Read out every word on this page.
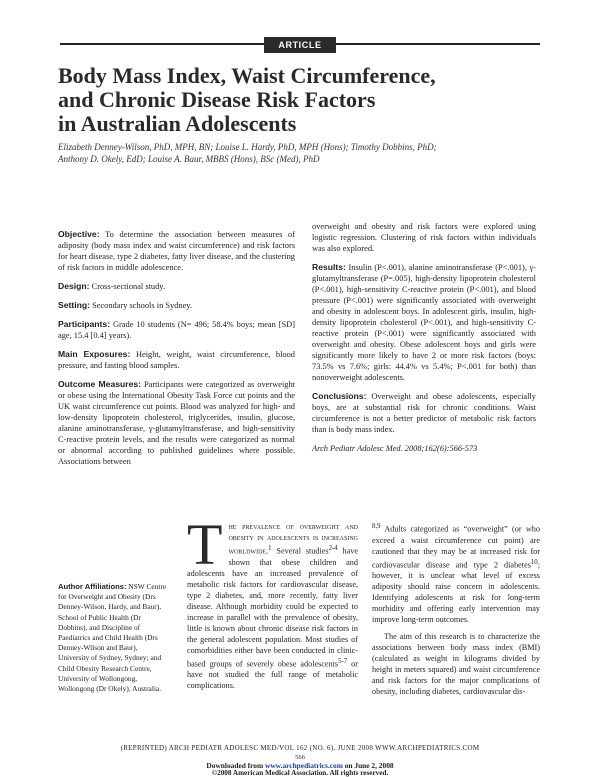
ARTICLE
Body Mass Index, Waist Circumference,
and Chronic Disease Risk Factors
in Australian Adolescents
Elizabeth Denney-Wilson, PhD, MPH, BN; Louise L. Hardy, PhD, MPH (Hons); Timothy Dobbins, PhD;
Anthony D. Okely, EdD; Louise A. Baur, MBBS (Hons), BSc (Med), PhD

Objective: To determine the association between measures of adiposity (body mass index and waist circumference) and risk factors for heart disease, type 2 diabetes, fatty liver disease, and the clustering of risk factors in middle adolescence.

Design: Cross-sectional study.

Setting: Secondary schools in Sydney.

Participants: Grade 10 students (N= 496; 58.4% boys; mean [SD] age, 15.4 [0.4] years).

Main Exposures: Height, weight, waist circumference, blood pressure, and fasting blood samples.

Outcome Measures: Participants were categorized as overweight or obese using the International Obesity Task Force cut points and the UK waist circumference cut points. Blood was analyzed for high- and low-density lipoprotein cholesterol, triglycerides, insulin, glucose, alanine aminotransferase, γ-glutamyltransferase, and high-sensitivity C-reactive protein levels, and the results were categorized as normal or abnormal according to published guidelines where possible. Associations between

overweight and obesity and risk factors were explored using logistic regression. Clustering of risk factors within individuals was also explored.

Results: Insulin (P<.001), alanine aminotransferase (P<.001), γ-glutamyltransferase (P=.005), high-density lipoprotein cholesterol (P<.001), high-sensitivity C-reactive protein (P<.001), and blood pressure (P<.001) were significantly associated with overweight and obesity in adolescent boys. In adolescent girls, insulin, high-density lipoprotein cholesterol (P<.001), and high-sensitivity C-reactive protein (P<.001) were significantly associated with overweight and obesity. Obese adolescent boys and girls were significantly more likely to have 2 or more risk factors (boys: 73.5% vs 7.6%; girls: 44.4% vs 5.4%; P<.001 for both) than nonoverweight adolescents.

Conclusions: Overweight and obese adolescents, especially boys, are at substantial risk for chronic conditions. Waist circumference is not a better predictor of metabolic risk factors than is body mass index.

Arch Pediatr Adolesc Med. 2008;162(6):566-573

Author Affiliations: NSW Centre for Overweight and Obesity (Drs Denney-Wilson, Hardy, and Baur), School of Public Health (Dr Dobbins), and Discipline of Paediatrics and Child Health (Drs Denney-Wilson and Baur), University of Sydney, Sydney; and Child Obesity Research Centre, University of Wollongong, Wollongong (Dr Okely), Australia.

The prevalence of overweight and obesity in adolescents is increasing worldwide.$^1$ Several studies$^{2-4}$ have shown that obese children and adolescents have an increased prevalence of metabolic risk factors for cardiovascular disease, type 2 diabetes, and, more recently, fatty liver disease. Although morbidity could be expected to increase in parallel with the prevalence of obesity, little is known about chronic disease risk factors in the general adolescent population. Most studies of comorbidities either have been conducted in clinic-based groups of severely obese adolescents$^{5-7}$ or have not studied the full range of metabolic complications.

$^{8,9}$ Adults categorized as “overweight” (or who exceed a waist circumference cut point) are cautioned that they may be at increased risk for cardiovascular disease and type 2 diabetes$^{10}$; however, it is unclear what level of excess adiposity should raise concern in adolescents. Identifying adolescents at risk for long-term morbidity and offering early intervention may improve long-term outcomes.

The aim of this research is to characterize the associations between body mass index (BMI) (calculated as weight in kilograms divided by height in meters squared) and waist circumference and risk factors for the major complications of obesity, including diabetes, cardiovascular dis-

(REPRINTED) ARCH PEDIATR ADOLESC MED/VOL 162 (NO. 6), JUNE 2008 WWW.ARCHPEDIATRICS.COM
566
Downloaded from www.archpediatrics.com on June 2, 2008
©2008 American Medical Association. All rights reserved.
